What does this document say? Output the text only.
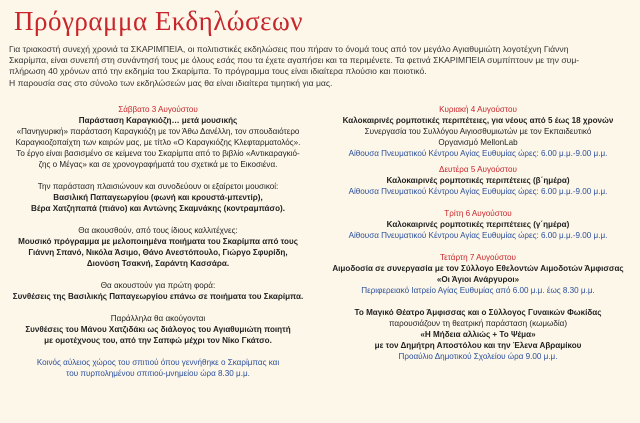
Πρόγραμμα Εκδηλώσεων
Για τριακοστή συνεχή χρονιά τα ΣΚΑΡΙΜΠΕΙΑ, οι πολιτιστικές εκδηλώσεις που πήραν το όνομά τους από τον μεγάλο Αγιαθυμιώτη λογοτέχνη Γιάννη
Σκαρίμπα, είναι συνεπή στη συνάντησή τους με όλους εσάς που τα έχετε αγαπήσει και τα περιμένετε. Τα φετινά ΣΚΑΡΙΜΠΕΙΑ συμπίπτουν με την συμ-
πλήρωση 40 χρόνων από την εκδημία του Σκαρίμπα. Το πρόγραμμα τους είναι ιδιαίτερα πλούσιο και ποιοτικό.
Η παρουσία σας στο σύνολο των εκδηλώσεών μας θα είναι ιδιαίτερα τιμητική για μας.
Σάββατο 3 Αυγούστου
Παράσταση Καραγκιόζη… μετά μουσικής
«Πανηγυρική» παράσταση Καραγκιόζη με τον Άθω Δανέλλη, τον σπουδαιότερο
Καραγκιοζοπαίχτη των καιρών μας, με τίτλο «Ο Καραγκιόζης Κλεφταρματολός».
Το έργο είναι βασισμένο σε κείμενα του Σκαρίμπα από το βιβλίο «Αντικαραγκιό-
ζης ο Μέγας» και σε χρονογραφήματά του σχετικά με το Εικοσιένα.
Την παράσταση πλαισιώνουν και συνοδεύουν οι εξαίρετοι μουσικοί:
Βασιλική Παπαγεωργίου (φωνή και κρουστά-μπεντίρ),
Βέρα Χατζηπαπά (πιάνο) και Αντώνης Σκαμνάκης (κοντραμπάσο).
Θα ακουσθούν, από τους ίδιους καλλιτέχνες:
Μουσικό πρόγραμμα με μελοποιημένα ποιήματα του Σκαρίμπα από τους
Γιάννη Σπανό, Νικόλα Άσιμο, Θάνο Ανεστόπουλο, Γιώργο Σφυρίδη,
Διονύση Τσακνή, Σαράντη Κασσάρα.
Θα ακουστούν για πρώτη φορά:
Συνθέσεις της Βασιλικής Παπαγεωργίου επάνω σε ποιήματα του Σκαρίμπα.
Παράλληλα θα ακούγονται
Συνθέσεις του Μάνου Χατζιδάκι ως διάλογος του Αγιαθυμιώτη ποιητή
με ομοτέχνους του, από την Σαπφώ μέχρι τον Νίκο Γκάτσο.
Κοινός αύλειος χώρος του σπιτιού όπου γεννήθηκε ο Σκαρίμπας και
του πυρπολημένου σπιτιού-μνημείου ώρα 8.30 μ.μ.
Κυριακή 4 Αυγούστου
Καλοκαιρινές ρομποτικές περιπέτειες, για νέους από 5 έως 18 χρονών
Συνεργασία του Συλλόγου Αιγιοσθυμιωτών με τον Εκπαιδευτικό
Οργανισμό MellonLab
Αίθουσα Πνευματικού Κέντρου Αγίας Ευθυμίας ώρες: 6.00 μ.μ.-9.00 μ.μ.
Δευτέρα 5 Αυγούστου
Καλοκαιρινές ρομποτικές περιπέτειες (β΄ημέρα)
Αίθουσα Πνευματικού Κέντρου Αγίας Ευθυμίας ώρες: 6.00 μ.μ.-9.00 μ.μ.
Τρίτη 6 Αυγούστου
Καλοκαιρινές ρομποτικές περιπέτειες (γ΄ημέρα)
Αίθουσα Πνευματικού Κέντρου Αγίας Ευθυμίας ώρες: 6.00 μ.μ.-9.00 μ.μ.
Τετάρτη 7 Αυγούστου
Αιμοδοσία σε συνεργασία με τον Σύλλογο Εθελοντών Αιμοδοτών Άμφισσας
«Οι Άγιοι Ανάργυροι»
Περιφερειακό Ιατρείο Αγίας Ευθυμίας από 6.00 μ.μ. έως 8.30 μ.μ.
Το Μαγικό Θέατρο Άμφισσας και ο Σύλλογος Γυναικών Φωκίδας
παρουσιάζουν τη θεατρική παράσταση (κωμωδία)
«Η Μήδεια αλλιώς + Το Ψέμα»
με τον Δημήτρη Αποστόλου και την Έλενα Αβραμίκου
Προαύλιο Δημοτικού Σχολείου ώρα 9.00 μ.μ.
